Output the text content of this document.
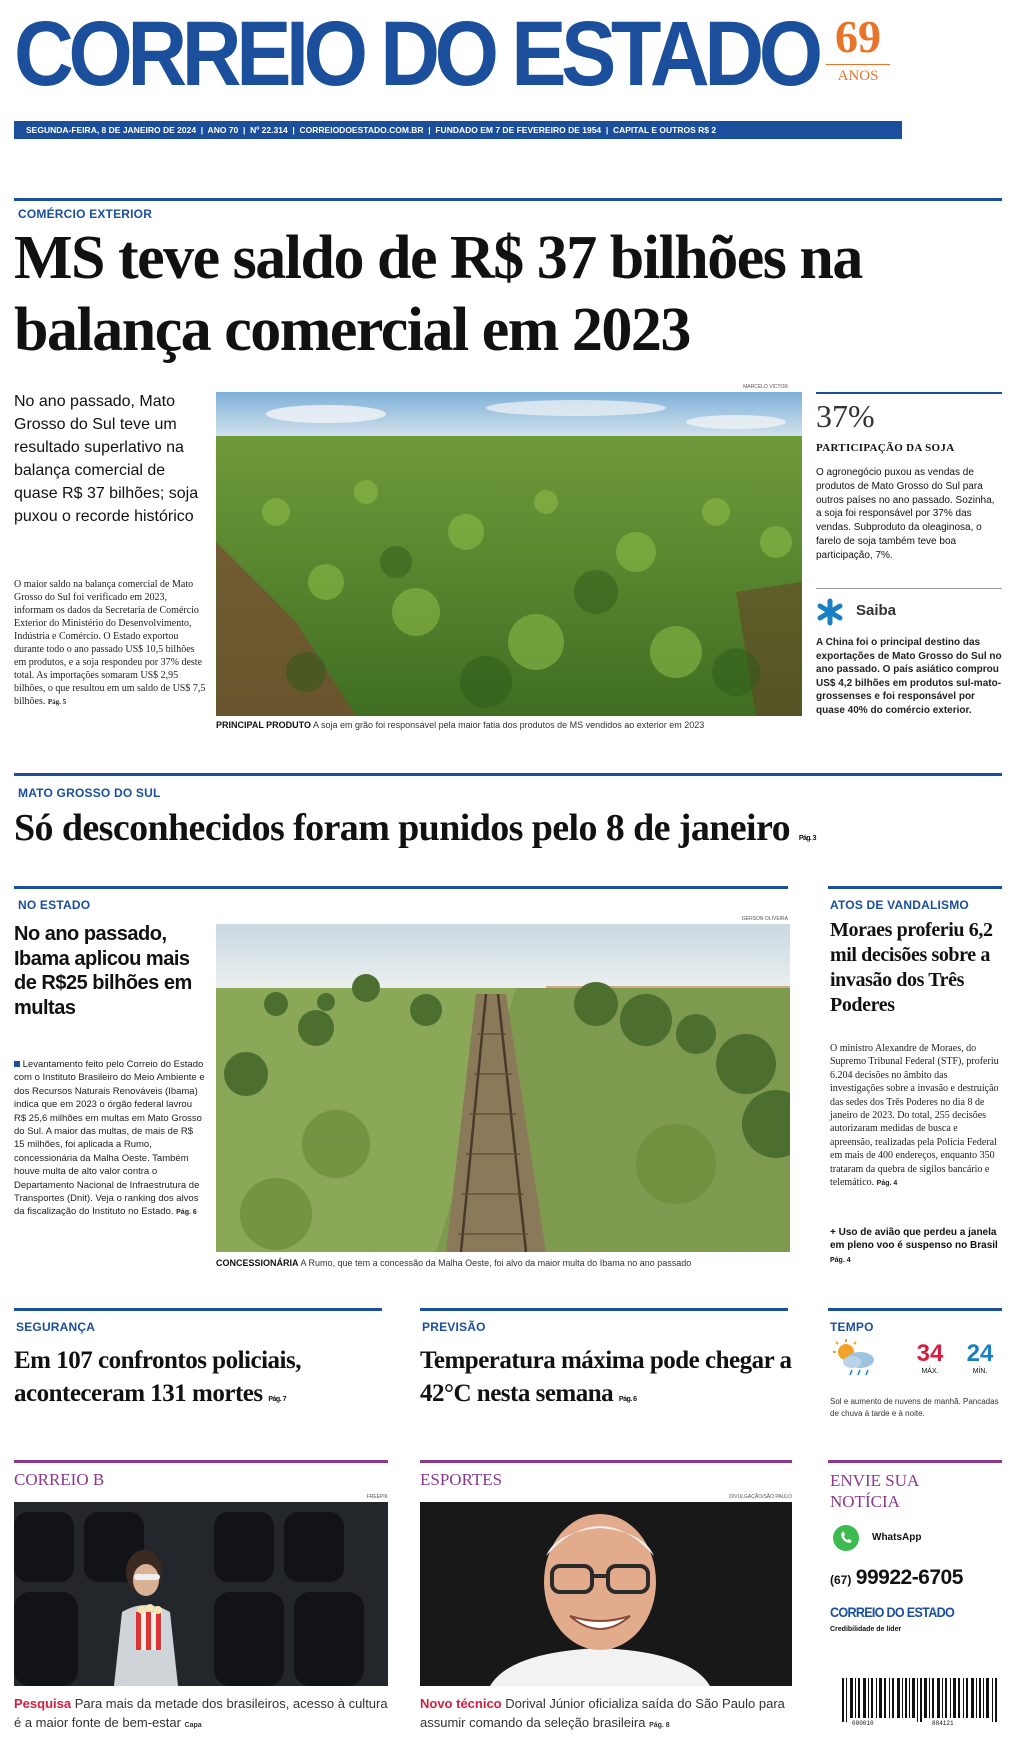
CORREIO DO ESTADO 69
ANOS
SEGUNDA-FEIRA, 8 DE JANEIRO DE 2024  |  ANO 70  |  Nº 22.314  |  CORREIODOESTADO.COM.BR  |  FUNDADO EM 7 DE FEVEREIRO DE 1954  |  CAPITAL E OUTROS R$ 2
COMÉRCIO EXTERIOR
MS teve saldo de R$ 37 bilhões na balança comercial em 2023
No ano passado, Mato Grosso do Sul teve um resultado superlativo na balança comercial de quase R$ 37 bilhões; soja puxou o recorde histórico
O maior saldo na balança comercial de Mato Grosso do Sul foi verificado em 2023, informam os dados da Secretaria de Comércio Exterior do Ministério do Desenvolvimento, Indústria e Comércio. O Estado exportou durante todo o ano passado US$ 10,5 bilhões em produtos, e a soja respondeu por 37% deste total. As importações somaram US$ 2,95 bilhões, o que resultou em um saldo de US$ 7,5 bilhões. Pág. 5
MARCELO VICTOR
PRINCIPAL PRODUTO A soja em grão foi responsável pela maior fatia dos produtos de MS vendidos ao exterior em 2023
37%
PARTICIPAÇÃO DA SOJA
O agronegócio puxou as vendas de produtos de Mato Grosso do Sul para outros países no ano passado. Sozinha, a soja foi responsável por 37% das vendas. Subproduto da oleaginosa, o farelo de soja também teve boa participação, 7%.
Saiba
A China foi o principal destino das exportações de Mato Grosso do Sul no ano passado. O país asiático comprou US$ 4,2 bilhões em produtos sul-mato-grossenses e foi responsável por quase 40% do comércio exterior.
MATO GROSSO DO SUL
Só desconhecidos foram punidos pelo 8 de janeiro Pág. 3
NO ESTADO
No ano passado, Ibama aplicou mais de R$25 bilhões em multas
Levantamento feito pelo Correio do Estado com o Instituto Brasileiro do Meio Ambiente e dos Recursos Naturais Renováveis (Ibama) indica que em 2023 o órgão federal lavrou R$ 25,6 milhões em multas em Mato Grosso do Sul. A maior das multas, de mais de R$ 15 milhões, foi aplicada a Rumo, concessionária da Malha Oeste. Também houve multa de alto valor contra o Departamento Nacional de Infraestrutura de Transportes (Dnit). Veja o ranking dos alvos da fiscalização do Instituto no Estado. Pág. 6
GERSON OLIVEIRA
CONCESSIONÁRIA A Rumo, que tem a concessão da Malha Oeste, foi alvo da maior multa do Ibama no ano passado
ATOS DE VANDALISMO
Moraes proferiu 6,2 mil decisões sobre a invasão dos Três Poderes
O ministro Alexandre de Moraes, do Supremo Tribunal Federal (STF), proferiu 6.204 decisões no âmbito das investigações sobre a invasão e destruição das sedes dos Três Poderes no dia 8 de janeiro de 2023. Do total, 255 decisões autorizaram medidas de busca e apreensão, realizadas pela Polícia Federal em mais de 400 endereços, enquanto 350 trataram da quebra de sigilos bancário e telemático. Pág. 4
+ Uso de avião que perdeu a janela em pleno voo é suspenso no Brasil Pág. 4
SEGURANÇA
Em 107 confrontos policiais, aconteceram 131 mortes Pág. 7
PREVISÃO
Temperatura máxima pode chegar a 42°C nesta semana Pág. 6
TEMPO
34
MÁX.
24
MÍN.
Sol e aumento de nuvens de manhã. Pancadas de chuva à tarde e à noite.
CORREIO B
FREEPIK
Pesquisa Para mais da metade dos brasileiros, acesso à cultura é a maior fonte de bem-estar Capa
ESPORTES
DIVULGAÇÃO/SÃO PAULO
Novo técnico Dorival Júnior oficializa saída do São Paulo para assumir comando da seleção brasileira Pág. 8
ENVIE SUA NOTÍCIA
WhatsApp
(67) 99922-6705
CORREIO DO ESTADO
Credibilidade de líder
000010	884121
